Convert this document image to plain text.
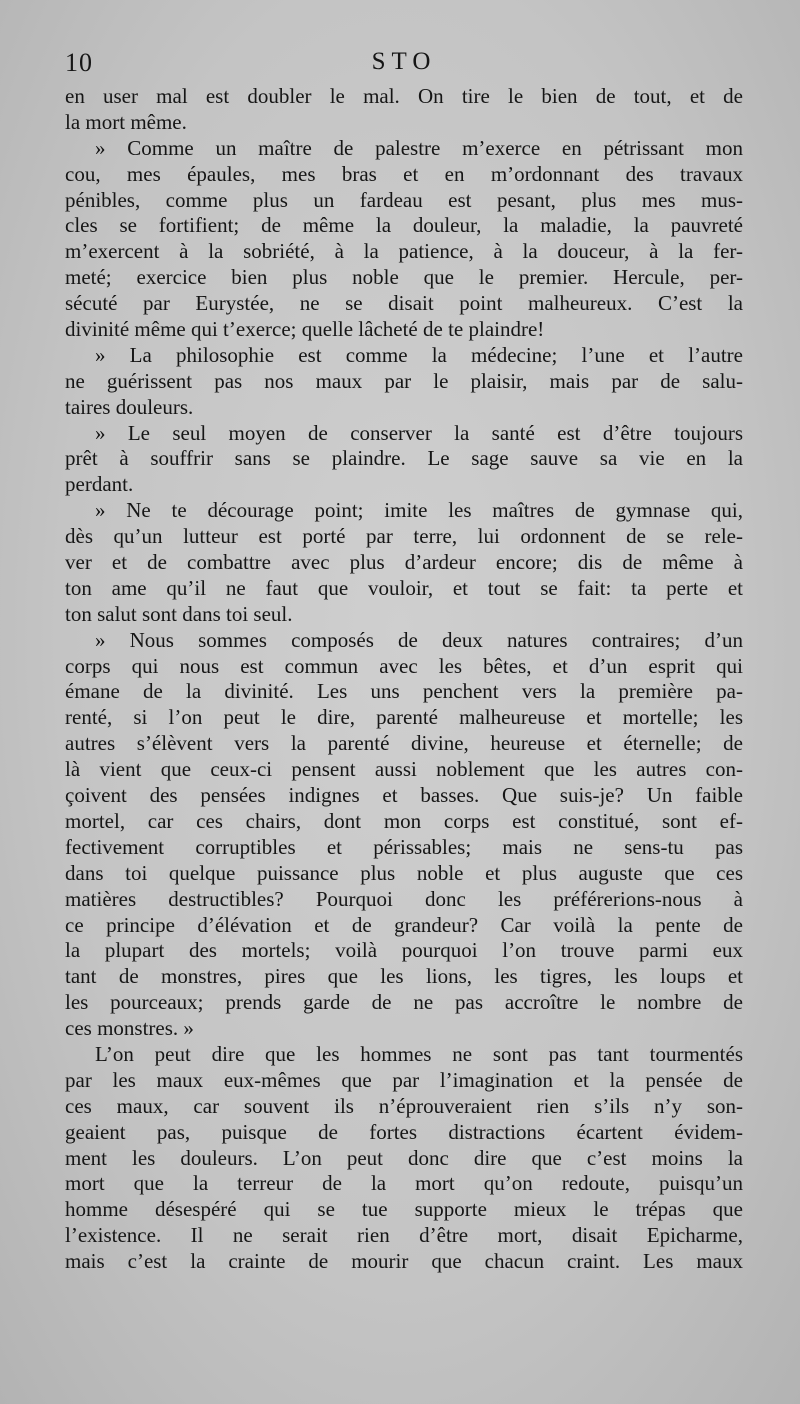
10	STO
en user mal est doubler le mal. On tire le bien de tout, et de
la mort même.
» Comme un maître de palestre m’exerce en pétrissant mon
cou, mes épaules, mes bras et en m’ordonnant des travaux
pénibles, comme plus un fardeau est pesant, plus mes mus-
cles se fortifient; de même la douleur, la maladie, la pauvreté
m’exercent à la sobriété, à la patience, à la douceur, à la fer-
meté; exercice bien plus noble que le premier. Hercule, per-
sécuté par Eurystée, ne se disait point malheureux. C’est la
divinité même qui t’exerce; quelle lâcheté de te plaindre!
» La philosophie est comme la médecine; l’une et l’autre
ne guérissent pas nos maux par le plaisir, mais par de salu-
taires douleurs.
» Le seul moyen de conserver la santé est d’être toujours
prêt à souffrir sans se plaindre. Le sage sauve sa vie en la
perdant.
» Ne te décourage point; imite les maîtres de gymnase qui,
dès qu’un lutteur est porté par terre, lui ordonnent de se rele-
ver et de combattre avec plus d’ardeur encore; dis de même à
ton ame qu’il ne faut que vouloir, et tout se fait: ta perte et
ton salut sont dans toi seul.
» Nous sommes composés de deux natures contraires; d’un
corps qui nous est commun avec les bêtes, et d’un esprit qui
émane de la divinité. Les uns penchent vers la première pa-
renté, si l’on peut le dire, parenté malheureuse et mortelle; les
autres s’élèvent vers la parenté divine, heureuse et éternelle; de
là vient que ceux-ci pensent aussi noblement que les autres con-
çoivent des pensées indignes et basses. Que suis-je? Un faible
mortel, car ces chairs, dont mon corps est constitué, sont ef-
fectivement corruptibles et périssables; mais ne sens-tu pas
dans toi quelque puissance plus noble et plus auguste que ces
matières destructibles? Pourquoi donc les préférerions-nous à
ce principe d’élévation et de grandeur? Car voilà la pente de
la plupart des mortels; voilà pourquoi l’on trouve parmi eux
tant de monstres, pires que les lions, les tigres, les loups et
les pourceaux; prends garde de ne pas accroître le nombre de
ces monstres. »
L’on peut dire que les hommes ne sont pas tant tourmentés
par les maux eux-mêmes que par l’imagination et la pensée de
ces maux, car souvent ils n’éprouveraient rien s’ils n’y son-
geaient pas, puisque de fortes distractions écartent évidem-
ment les douleurs. L’on peut donc dire que c’est moins la
mort que la terreur de la mort qu’on redoute, puisqu’un
homme désespéré qui se tue supporte mieux le trépas que
l’existence. Il ne serait rien d’être mort, disait Epicharme,
mais c’est la crainte de mourir que chacun craint. Les maux
